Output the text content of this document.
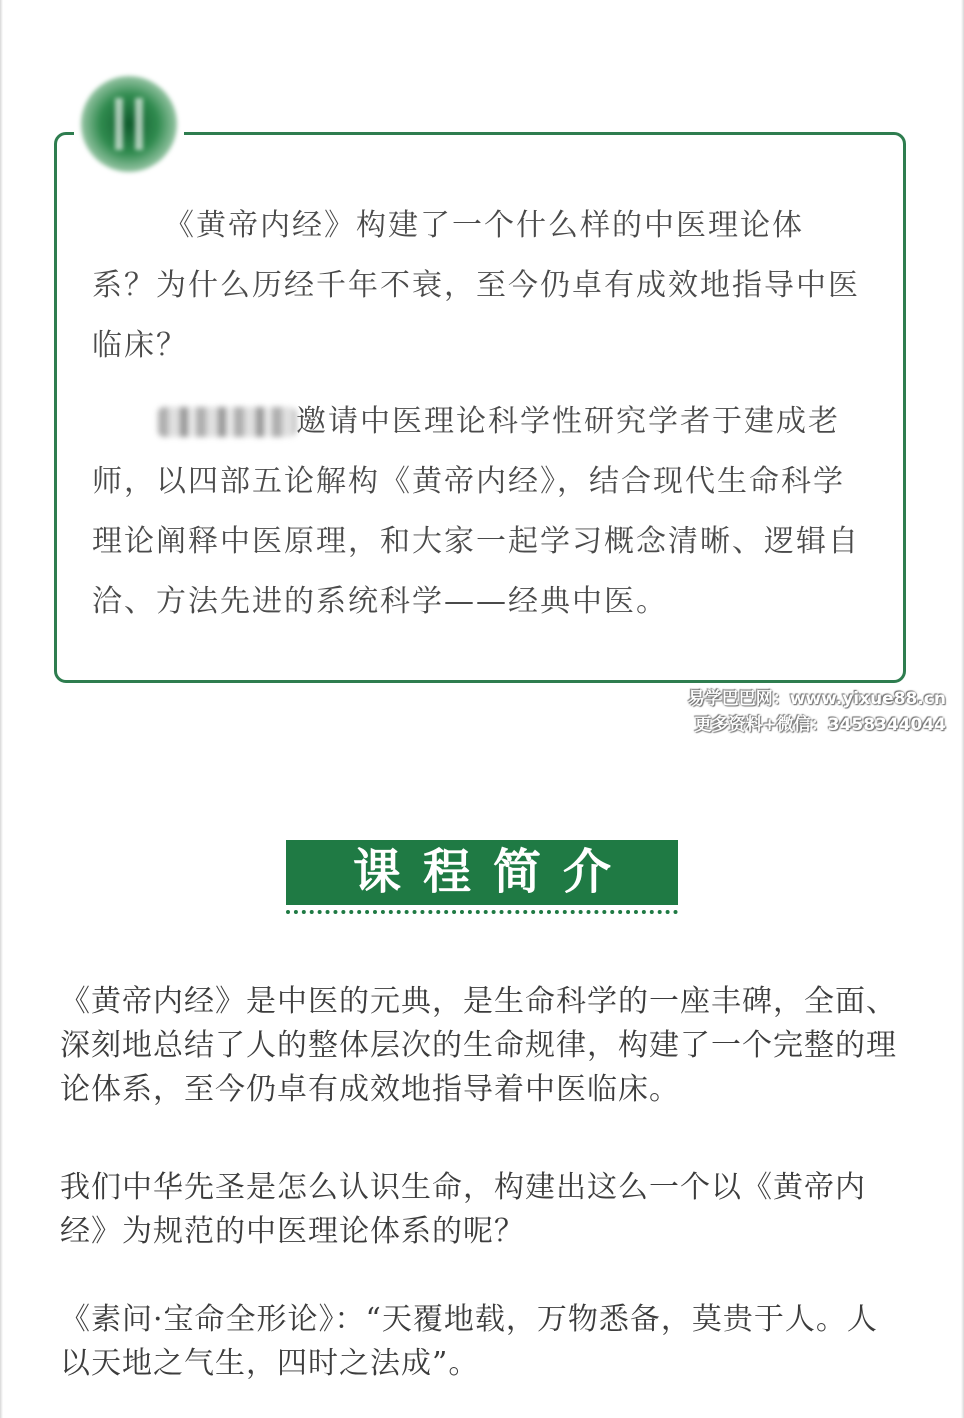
《黄帝内经》构建了一个什么样的中医理论体系？为什么历经千年不衰，至今仍卓有成效地指导中医临床？

邀请中医理论科学性研究学者于建成老师，以四部五论解构《黄帝内经》，结合现代生命科学理论阐释中医原理，和大家一起学习概念清晰、逻辑自洽、方法先进的系统科学——经典中医。

易学巴巴网：www.yixue88.cn
更多资料+微信：3458344044
课程简介

《黄帝内经》是中医的元典，是生命科学的一座丰碑，全面、深刻地总结了人的整体层次的生命规律，构建了一个完整的理论体系，至今仍卓有成效地指导着中医临床。

我们中华先圣是怎么认识生命，构建出这么一个以《黄帝内经》为规范的中医理论体系的呢？

《素问·宝命全形论》：“天覆地载，万物悉备，莫贵于人。人以天地之气生，四时之法成”。
